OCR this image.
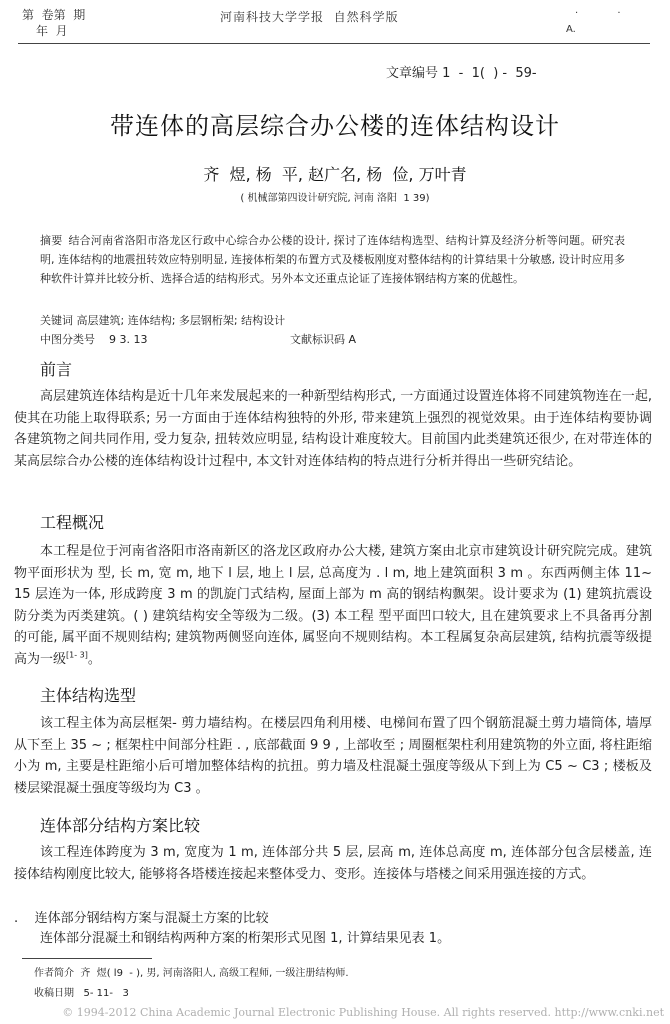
第  卷第  期
年  月
河南科技大学学报  自然科学版	· ·
A.
文章编号 1  -  1(  ) -  59-
带连体的高层综合办公楼的连体结构设计
齐  煜, 杨  平, 赵广名, 杨  俭, 万叶青
( 机械部第四设计研究院, 河南 洛阳  1 39)
摘要 结合河南省洛阳市洛龙区行政中心综合办公楼的设计, 探讨了连体结构选型、结构计算及经济分析等问题。研究表明, 连体结构的地震扭转效应特别明显, 连接体桁架的布置方式及楼板刚度对整体结构的计算结果十分敏感, 设计时应用多种软件计算并比较分析、选择合适的结构形式。另外本文还重点论证了连接体钢结构方案的优越性。
关键词 高层建筑; 连体结构; 多层钢桁架; 结构设计
中图分类号    9 3. 13	文献标识码 A
前言
高层建筑连体结构是近十几年来发展起来的一种新型结构形式, 一方面通过设置连体将不同建筑物连在一起, 使其在功能上取得联系; 另一方面由于连体结构独特的外形, 带来建筑上强烈的视觉效果。由于连体结构要协调各建筑物之间共同作用, 受力复杂, 扭转效应明显, 结构设计难度较大。目前国内此类建筑还很少, 在对带连体的某高层综合办公楼的连体结构设计过程中, 本文针对连体结构的特点进行分析并得出一些研究结论。
工程概况
本工程是位于河南省洛阳市洛南新区的洛龙区政府办公大楼, 建筑方案由北京市建筑设计研究院完成。建筑物平面形状为 型, 长 m, 宽 m, 地下 l 层, 地上 l 层, 总高度为 . l m, 地上建筑面积 3 m 。东西两侧主体 11~ 15 层连为一体, 形成跨度 3 m 的凯旋门式结构, 屋面上部为 m 高的钢结构飘架。设计要求为 (1) 建筑抗震设防分类为丙类建筑。( ) 建筑结构安全等级为二级。(3) 本工程 型平面凹口较大, 且在建筑要求上不具备再分割的可能, 属平面不规则结构; 建筑物两侧竖向连体, 属竖向不规则结构。本工程属复杂高层建筑, 结构抗震等级提高为一级[1- 3]。
主体结构选型
该工程主体为高层框架- 剪力墙结构。在楼层四角利用楼、电梯间布置了四个钢筋混凝土剪力墙筒体, 墙厚从下至上 35 ~ ; 框架柱中间部分柱距 . , 底部截面 9 9 , 上部收至 ; 周圈框架柱利用建筑物的外立面, 将柱距缩小为 m, 主要是柱距缩小后可增加整体结构的抗扭。剪力墙及柱混凝土强度等级从下到上为 C5 ~ C3 ; 楼板及楼层梁混凝土强度等级均为 C3 。
连体部分结构方案比较
该工程连体跨度为 3 m, 宽度为 1 m, 连体部分共 5 层, 层高 m, 连体总高度 m, 连体部分包含层楼盖, 连接体结构刚度比较大, 能够将各塔楼连接起来整体受力、变形。连接体与塔楼之间采用强连接的方式。
.    连体部分钢结构方案与混凝土方案的比较
连体部分混凝土和钢结构两种方案的桁架形式见图 1, 计算结果见表 1。
作者简介  齐  煜( l9  - ), 男, 河南洛阳人, 高级工程师, 一级注册结构师.
收稿日期   5- 11-   3
© 1994-2012 China Academic Journal Electronic Publishing House. All rights reserved. http://www.cnki.net
